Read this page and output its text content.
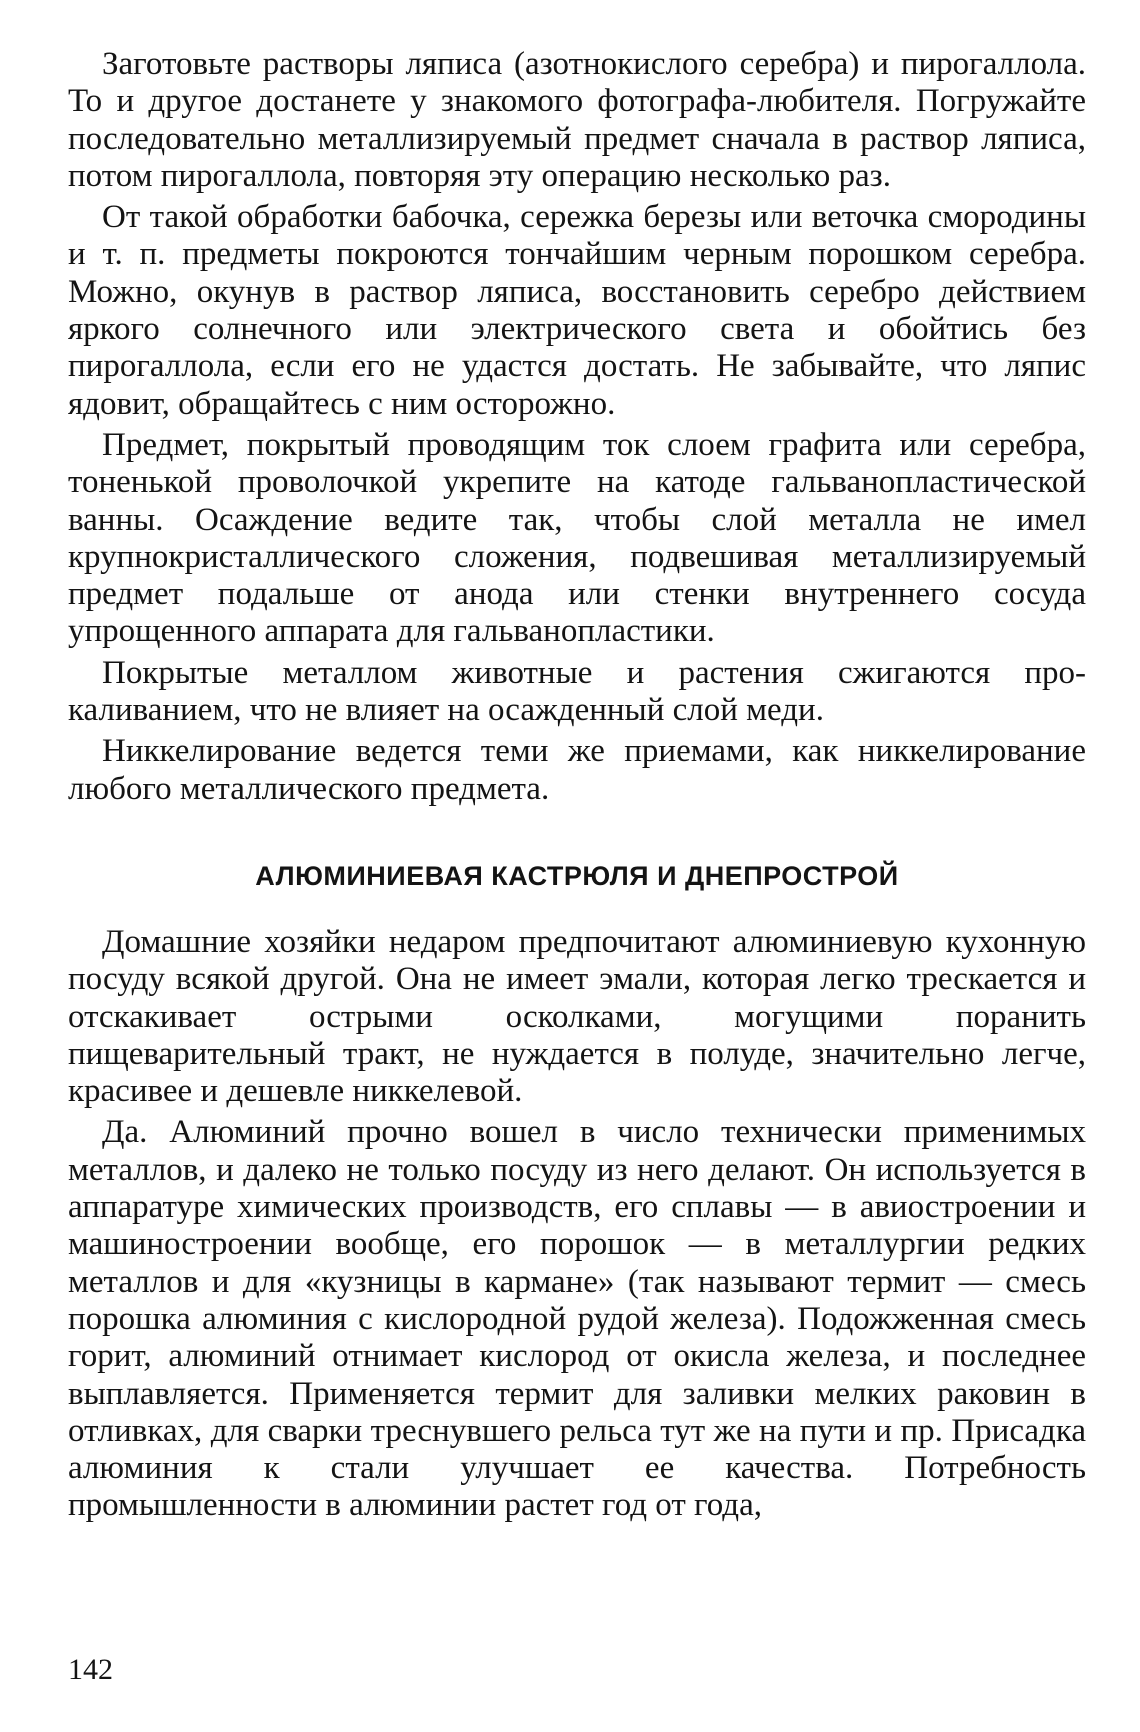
Заготовьте растворы ляписа (азотнокислого серебра) и пирогаллола. То и другое достанете у знакомого фотографа-любителя. Погружайте последовательно металлизируемый предмет сначала в раствор ляписа, потом пирогаллола, повторяя эту операцию несколько раз.

От такой обработки бабочка, сережка березы или веточка смородины и т. п. предметы покроются тончайшим черным порошком серебра. Можно, окунув в раствор ляписа, восстановить серебро действием яркого солнечного или электрического света и обойтись без пирогаллола, если его не удастся достать. Не забывайте, что ляпис ядовит, обращайтесь с ним осторожно.

Предмет, покрытый проводящим ток слоем графита или серебра, тоненькой проволочкой укрепите на катоде гальванопластической ванны. Осаждение ведите так, чтобы слой металла не имел крупнокристаллического сложения, подвешивая металлизируемый предмет подальше от анода или стенки внутреннего сосуда упрощенного аппарата для гальванопластики.

Покрытые металлом животные и растения сжигаются прокаливанием, что не влияет на осажденный слой меди.

Никкелирование ведется теми же приемами, как никкелирование любого металлического предмета.

АЛЮМИНИЕВАЯ КАСТРЮЛЯ И ДНЕПРОСТРОЙ

Домашние хозяйки недаром предпочитают алюминиевую кухонную посуду всякой другой. Она не имеет эмали, которая легко трескается и отскакивает острыми осколками, могущими поранить пищеварительный тракт, не нуждается в полуде, значительно легче, красивее и дешевле никкелевой.

Да. Алюминий прочно вошел в число технически применимых металлов, и далеко не только посуду из него делают. Он используется в аппаратуре химических производств, его сплавы — в авиостроении и машиностроении вообще, его порошок — в металлургии редких металлов и для «кузницы в кармане» (так называют термит — смесь порошка алюминия с кислородной рудой железа). Подожженная смесь горит, алюминий отнимает кислород от окисла железа, и последнее выплавляется. Применяется термит для заливки мелких раковин в отливках, для сварки треснувшего рельса тут же на пути и пр. Присадка алюминия к стали улучшает ее качества. Потребность промышленности в алюминии растет год от года,

142
